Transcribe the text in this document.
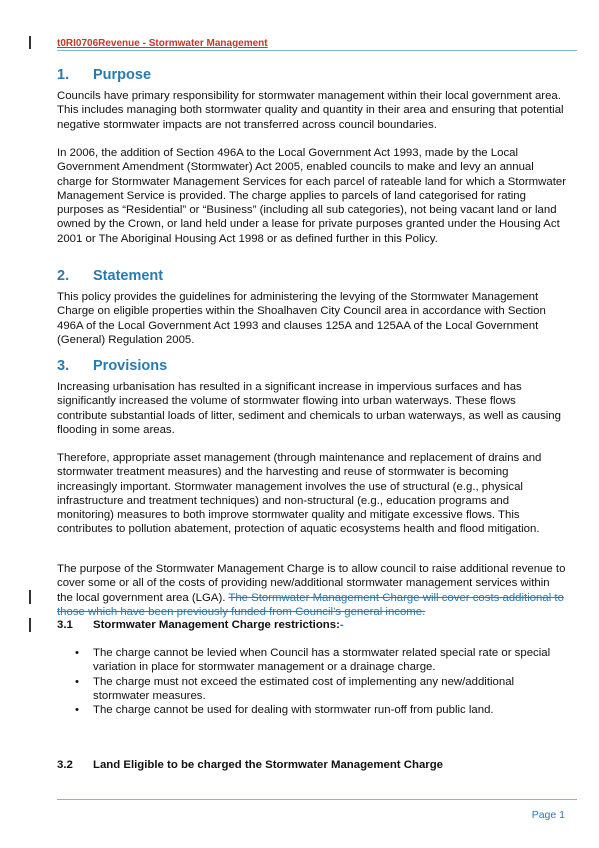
t0RI0706Revenue - Stormwater Management
1. Purpose

Councils have primary responsibility for stormwater management within their local government area. This includes managing both stormwater quality and quantity in their area and ensuring that potential negative stormwater impacts are not transferred across council boundaries.

In 2006, the addition of Section 496A to the Local Government Act 1993, made by the Local Government Amendment (Stormwater) Act 2005, enabled councils to make and levy an annual charge for Stormwater Management Services for each parcel of rateable land for which a Stormwater Management Service is provided. The charge applies to parcels of land categorised for rating purposes as “Residential” or “Business” (including all sub categories), not being vacant land or land owned by the Crown, or land held under a lease for private purposes granted under the Housing Act 2001 or The Aboriginal Housing Act 1998 or as defined further in this Policy.

2. Statement

This policy provides the guidelines for administering the levying of the Stormwater Management Charge on eligible properties within the Shoalhaven City Council area in accordance with Section 496A of the Local Government Act 1993 and clauses 125A and 125AA of the Local Government (General) Regulation 2005.

3. Provisions

Increasing urbanisation has resulted in a significant increase in impervious surfaces and has significantly increased the volume of stormwater flowing into urban waterways. These flows contribute substantial loads of litter, sediment and chemicals to urban waterways, as well as causing flooding in some areas.

Therefore, appropriate asset management (through maintenance and replacement of drains and stormwater treatment measures) and the harvesting and reuse of stormwater is becoming increasingly important. Stormwater management involves the use of structural (e.g., physical infrastructure and treatment techniques) and non-structural (e.g., education programs and monitoring) measures to both improve stormwater quality and mitigate excessive flows. This contributes to pollution abatement, protection of aquatic ecosystems health and flood mitigation.

The purpose of the Stormwater Management Charge is to allow council to raise additional revenue to cover some or all of the costs of providing new/additional stormwater management services within the local government area (LGA). The Stormwater Management Charge will cover costs additional to those which have been previously funded from Council’s general income.

3.1 Stormwater Management Charge restrictions:-
• The charge cannot be levied when Council has a stormwater related special rate or special variation in place for stormwater management or a drainage charge.
• The charge must not exceed the estimated cost of implementing any new/additional stormwater measures.
• The charge cannot be used for dealing with stormwater run-off from public land.
3.2 Land Eligible to be charged the Stormwater Management Charge
Page 1
